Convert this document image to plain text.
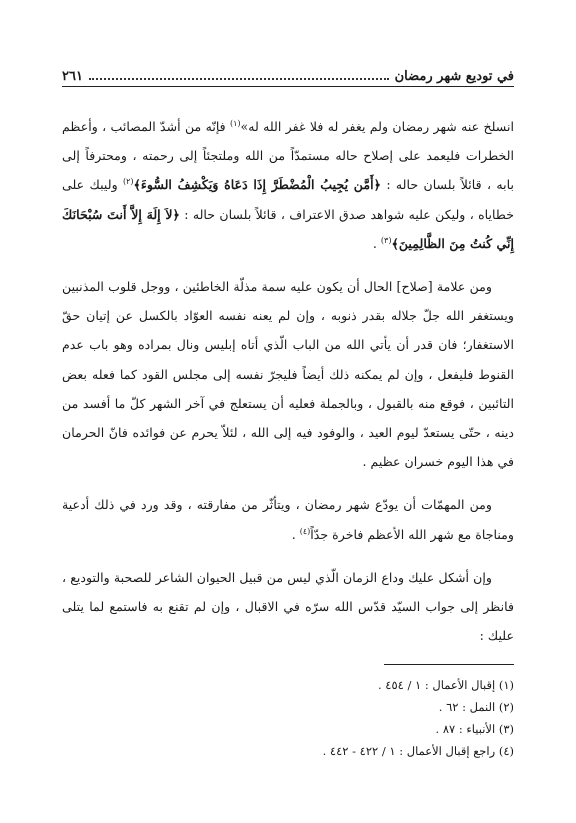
في توديع شهر رمضان
٢٦١

انسلخ عنه شهر رمضان ولم يغفر له فلا غفر الله له»$^{(١)}$ فإنّه من أشدّ المصائب ، وأعظم الخطرات فليعمد على إصلاح حاله مستمدّاً من الله وملتجئاً إلى رحمته ، ومحترفاً إلى بابه ، قائلاً بلسان حاله : ﴿أَمَّن يُجِيبُ الْمُضْطَرَّ إِذَا دَعَاهُ وَيَكْشِفُ السُّوءَ﴾$^{(٢)}$ وليبك على خطاياه ، وليكن عليه شواهد صدق الاعتراف ، قائلاً بلسان حاله : ﴿لاَ إِلَهَ إِلاَّ أَنتَ سُبْحَانَكَ إِنِّي كُنتُ مِنَ الظَّالِمِينَ﴾$^{(٣)}$ .

ومن علامة [صلاح] الحال أن يكون عليه سمة مذلّة الخاطئين ، ووجل قلوب المذنبين ويستغفر الله جلّ جلاله بقدر ذنوبه ، وإن لم يعنه نفسه العوّاد بالكسل عن إتيان حقّ الاستغفار؛ فان قدر أن يأتي الله من الباب الّذي أتاه إبليس ونال بمراده وهو باب عدم القنوط فليفعل ، وإن لم يمكنه ذلك أيضاً فليجرّ نفسه إلى مجلس القود كما فعله بعض التائبين ، فوقع منه بالقبول ، وبالجملة فعليه أن يستعلج في آخر الشهر كلّ ما أفسد من دينه ، حتّى يستعدّ ليوم العيد ، والوفود فيه إلى الله ، لئلاّ يحرم عن فوائده فانّ الحرمان في هذا اليوم خسران عظيم .

ومن المهمّات أن يودّع شهر رمضان ، ويتأثّر من مفارقته ، وقد ورد في ذلك أدعية ومناجاة مع شهر الله الأعظم فاخرة جدّاً$^{(٤)}$ .

وإن أشكل عليك وداع الزمان الّذي ليس من قبيل الحيوان الشاعر للصحبة والتوديع ، فانظر إلى جواب السيّد قدّس الله سرّه في الاقبال ، وإن لم تقنع به فاستمع لما يتلى عليك :

(١) إقبال الأعمال : ١ / ٤٥٤ .
(٢) النمل : ٦٢ .
(٣) الأنبياء : ٨٧ .
(٤) راجع إقبال الأعمال : ١ / ٤٢٢ - ٤٤٢ .
